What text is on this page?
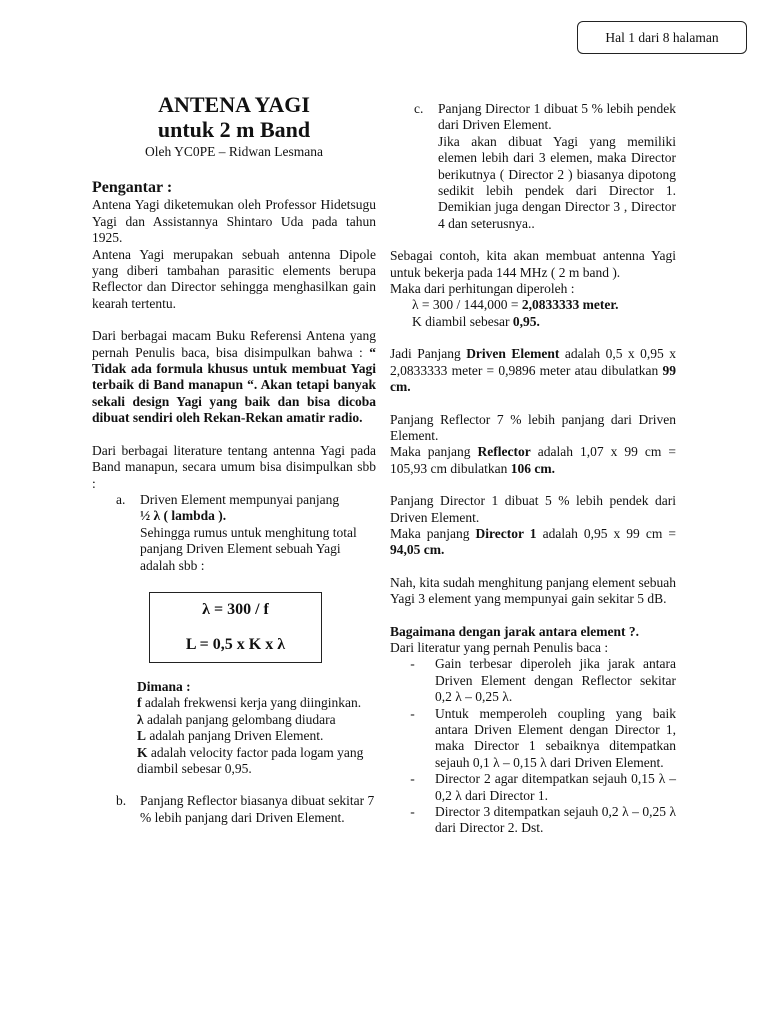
Hal 1 dari 8 halaman
ANTENA YAGI
untuk 2 m Band
Oleh YC0PE – Ridwan Lesmana
Pengantar :

Antena Yagi diketemukan oleh Professor Hidetsugu Yagi dan Assistannya Shintaro Uda pada tahun 1925.

Antena Yagi merupakan sebuah antenna Dipole yang diberi tambahan parasitic elements berupa Reflector dan Director sehingga menghasilkan gain kearah tertentu.

Dari berbagai macam Buku Referensi Antena yang pernah Penulis baca, bisa disimpulkan bahwa : “ Tidak ada formula khusus untuk membuat Yagi terbaik di Band manapun “. Akan tetapi banyak sekali design Yagi yang baik dan bisa dicoba dibuat sendiri oleh Rekan-Rekan amatir radio.

Dari berbagai literature tentang antenna Yagi pada Band manapun, secara umum bisa disimpulkan sbb :

a.	Driven Element mempunyai panjang
½ λ ( lambda ).
Sehingga rumus untuk menghitung total panjang Driven Element sebuah Yagi adalah sbb :
λ = 300 / f
L = 0,5 x K x λ
Dimana :
f adalah frekwensi kerja yang diinginkan.
λ adalah panjang gelombang diudara
L adalah panjang Driven Element.
K adalah velocity factor pada logam yang diambil sebesar 0,95.
b.	Panjang Reflector biasanya dibuat sekitar 7 % lebih panjang dari Driven Element.
c.	Panjang Director 1 dibuat 5 % lebih pendek dari Driven Element.
Jika akan dibuat Yagi yang memiliki elemen lebih dari 3 elemen, maka Director berikutnya ( Director 2 ) biasanya dipotong sedikit lebih pendek dari Director 1. Demikian juga dengan Director 3 , Director 4 dan seterusnya..

Sebagai contoh, kita akan membuat antenna Yagi untuk bekerja pada 144 MHz ( 2 m band ).

Maka dari perhitungan diperoleh :

λ = 300 / 144,000 = 2,0833333 meter.

K diambil sebesar 0,95.

Jadi Panjang Driven Element adalah 0,5 x 0,95 x 2,0833333 meter = 0,9896 meter atau dibulatkan 99 cm.

Panjang Reflector 7 % lebih panjang dari Driven Element.

Maka panjang Reflector adalah 1,07 x 99 cm = 105,93 cm dibulatkan 106 cm.

Panjang Director 1 dibuat 5 % lebih pendek dari Driven Element.

Maka panjang Director 1 adalah 0,95 x 99 cm = 94,05 cm.

Nah, kita sudah menghitung panjang element sebuah Yagi 3 element yang mempunyai gain sekitar 5 dB.

Bagaimana dengan jarak antara element ?.

Dari literatur yang pernah Penulis baca :

-	Gain terbesar diperoleh jika jarak antara Driven Element dengan Reflector sekitar 0,2 λ – 0,25 λ.
-	Untuk memperoleh coupling yang baik antara Driven Element dengan Director 1, maka Director 1 sebaiknya ditempatkan sejauh 0,1 λ – 0,15 λ dari Driven Element.
-	Director 2 agar ditempatkan sejauh 0,15 λ – 0,2 λ dari Director 1.
-	Director 3 ditempatkan sejauh 0,2 λ – 0,25 λ dari Director 2. Dst.
